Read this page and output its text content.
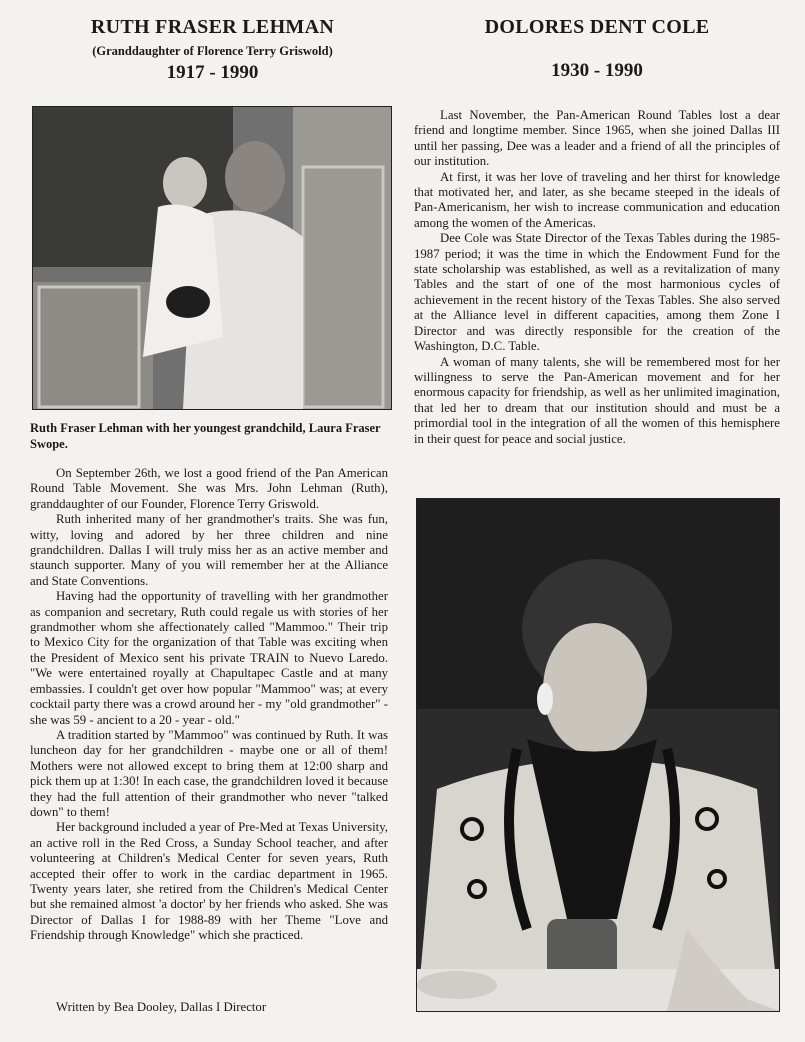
RUTH FRASER LEHMAN

(Granddaughter of Florence Terry Griswold)

1917 - 1990

Ruth Fraser Lehman with her youngest grandchild, Laura Fraser Swope.

On September 26th, we lost a good friend of the Pan American Round Table Movement. She was Mrs. John Lehman (Ruth), granddaughter of our Founder, Florence Terry Griswold.

Ruth inherited many of her grandmother's traits. She was fun, witty, loving and adored by her three children and nine grandchildren. Dallas I will truly miss her as an active member and staunch supporter. Many of you will remember her at the Alliance and State Conventions.

Having had the opportunity of travelling with her grandmother as companion and secretary, Ruth could regale us with stories of her grandmother whom she affectionately called "Mammoo." Their trip to Mexico City for the organization of that Table was exciting when the President of Mexico sent his private TRAIN to Nuevo Laredo. "We were entertained royally at Chapultapec Castle and at many embassies. I couldn't get over how popular "Mammoo" was; at every cocktail party there was a crowd around her - my "old grandmother" - she was 59 - ancient to a 20 - year - old."

A tradition started by "Mammoo" was continued by Ruth. It was luncheon day for her grandchildren - maybe one or all of them! Mothers were not allowed except to bring them at 12:00 sharp and pick them up at 1:30! In each case, the grandchildren loved it because they had the full attention of their grandmother who never "talked down" to them!

Her background included a year of Pre-Med at Texas University, an active roll in the Red Cross, a Sunday School teacher, and after volunteering at Children's Medical Center for seven years, Ruth accepted their offer to work in the cardiac department in 1965. Twenty years later, she retired from the Children's Medical Center but she remained almost 'a doctor' by her friends who asked. She was Director of Dallas I for 1988-89 with her Theme "Love and Friendship through Knowledge" which she practiced.

Written by Bea Dooley, Dallas I Director

DOLORES DENT COLE

1930 - 1990

Last November, the Pan-American Round Tables lost a dear friend and longtime member. Since 1965, when she joined Dallas III until her passing, Dee was a leader and a friend of all the principles of our institution.

At first, it was her love of traveling and her thirst for knowledge that motivated her, and later, as she became steeped in the ideals of Pan-Americanism, her wish to increase communication and education among the women of the Americas.

Dee Cole was State Director of the Texas Tables during the 1985-1987 period; it was the time in which the Endowment Fund for the state scholarship was established, as well as a revitalization of many Tables and the start of one of the most harmonious cycles of achievement in the recent history of the Texas Tables. She also served at the Alliance level in different capacities, among them Zone I Director and was directly responsible for the creation of the Washington, D.C. Table.

A woman of many talents, she will be remembered most for her willingness to serve the Pan-American movement and for her enormous capacity for friendship, as well as her unlimited imagination, that led her to dream that our institution should and must be a primordial tool in the integration of all the women of this hemisphere in their quest for peace and social justice.
